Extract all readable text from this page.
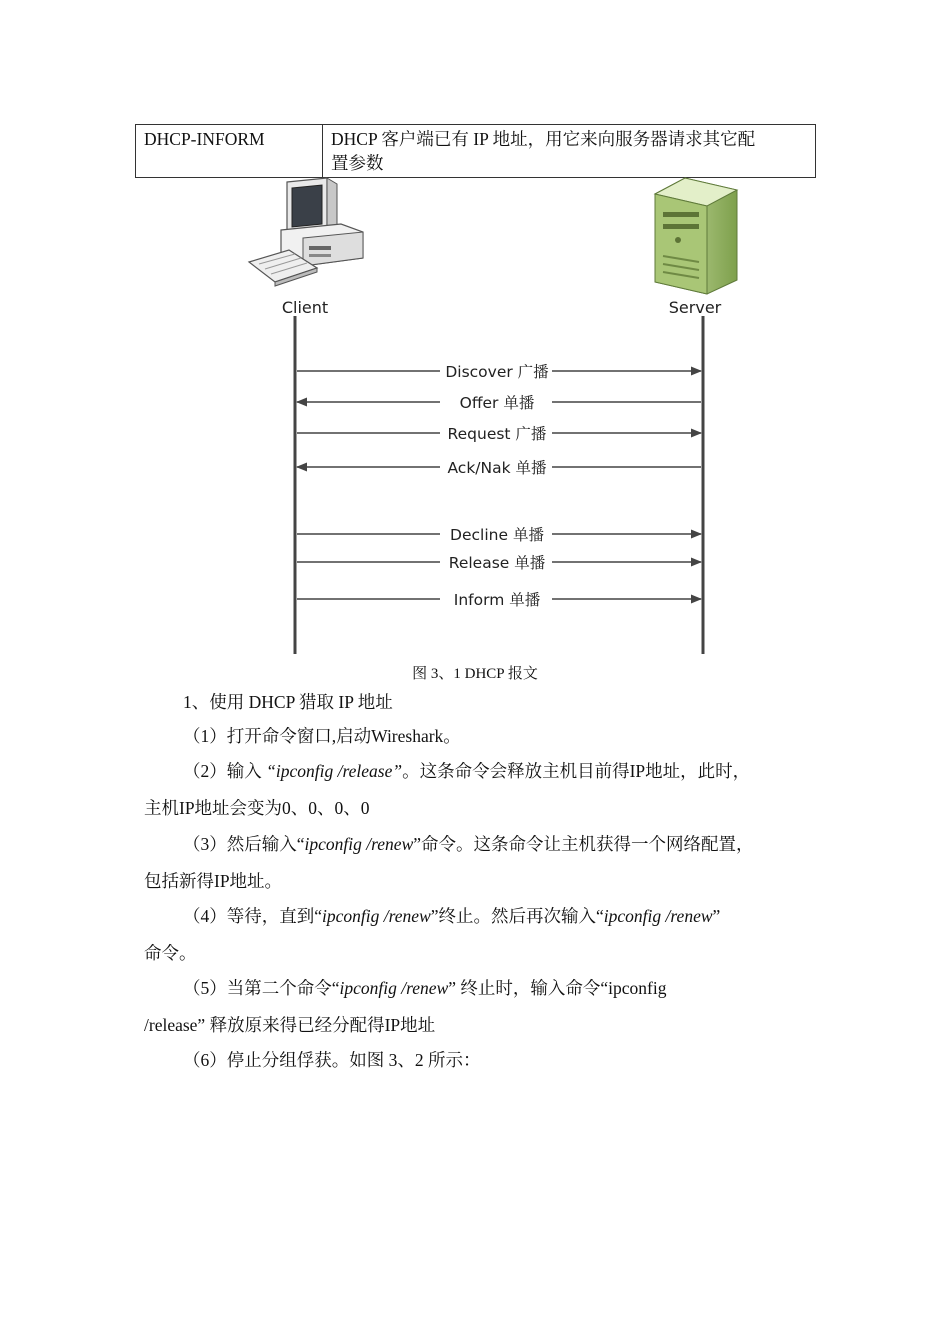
DHCP-INFORM	DHCP 客户端已有 IP 地址，用它来向服务器请求其它配
置参数
Client	Server
Discover 广播
Offer 单播
Request 广播
Ack/Nak 单播
Decline 单播
Release 单播
Inform 单播
图 3、1 DHCP 报文
1、使用 DHCP 猎取 IP 地址
（1）打开命令窗口,启动Wireshark。
（2）输入 “ipconfig /release”。这条命令会释放主机目前得IP地址，此时，
主机IP地址会变为0、0、0、0
（3）然后输入“ipconfig /renew”命令。这条命令让主机获得一个网络配置，
包括新得IP地址。
（4）等待，直到“ipconfig /renew”终止。然后再次输入“ipconfig /renew”
命令。
（5）当第二个命令“ipconfig /renew” 终止时，输入命令“ipconfig
/release” 释放原来得已经分配得IP地址
（6）停止分组俘获。如图 3、2 所示：
